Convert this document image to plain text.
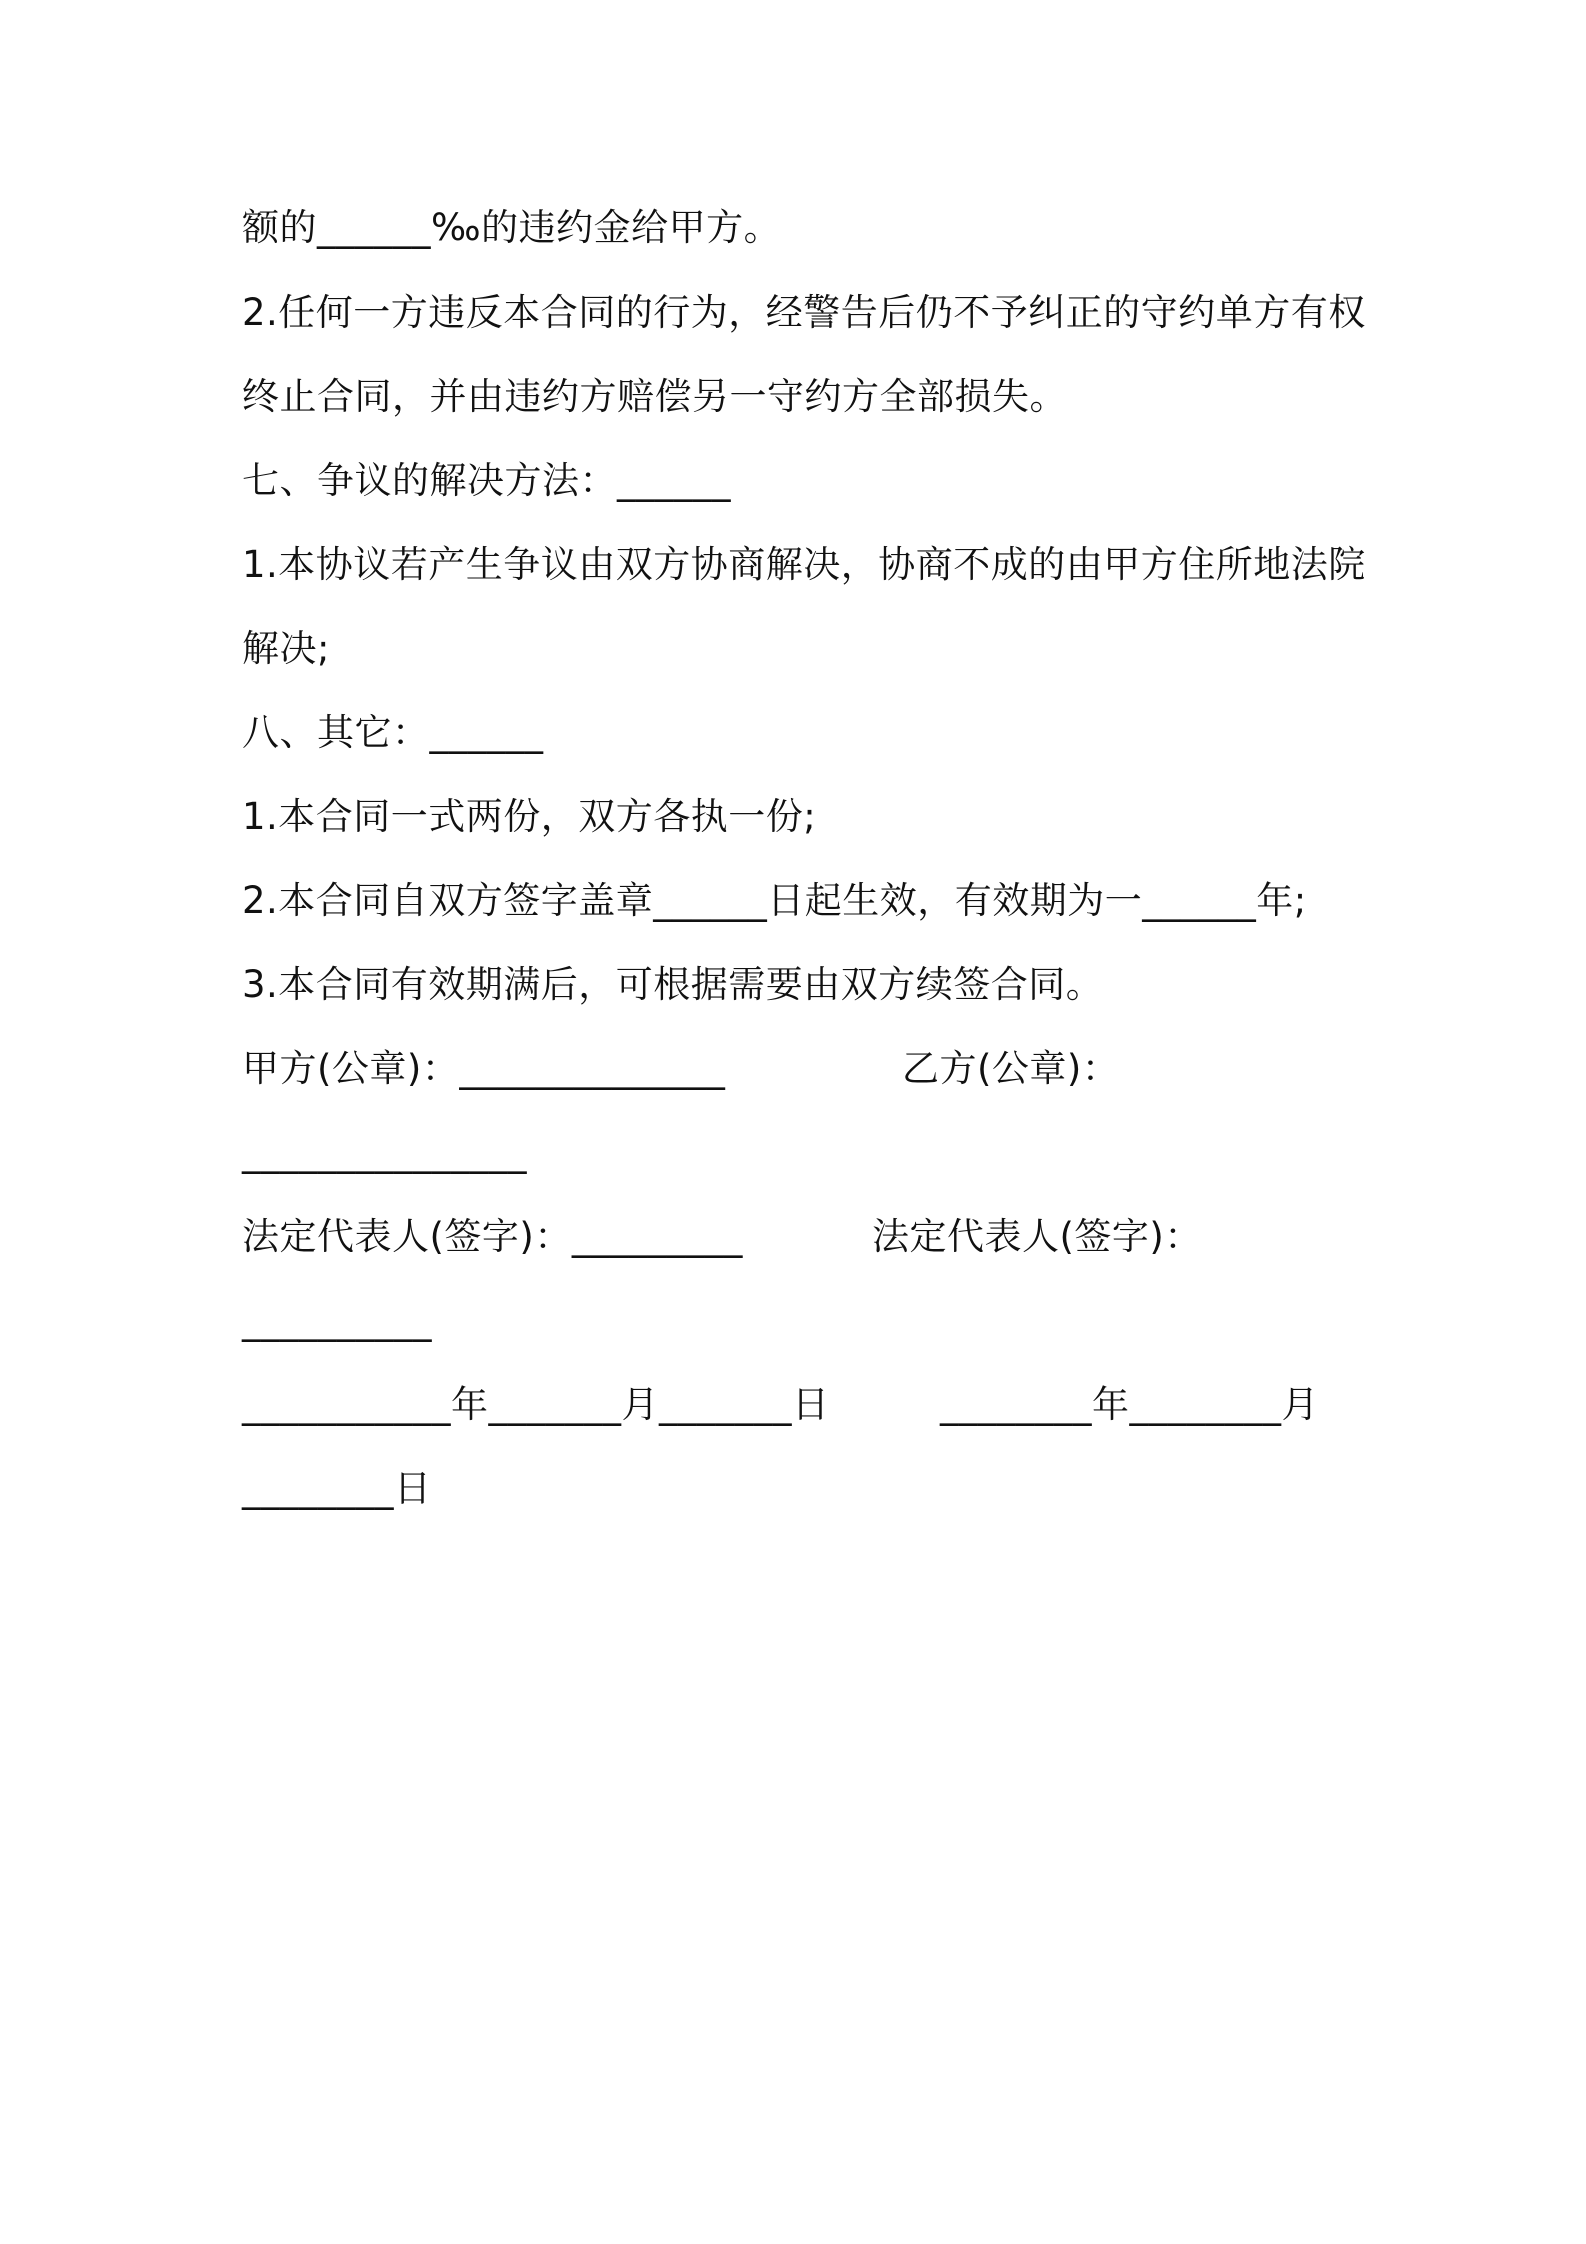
额的______‰的违约金给甲方。
2.任何一方违反本合同的行为，经警告后仍不予纠正的守约单方有权
终止合同，并由违约方赔偿另一守约方全部损失。
七、争议的解决方法：______
1.本协议若产生争议由双方协商解决，协商不成的由甲方住所地法院
解决;
八、其它：______
1.本合同一式两份，双方各执一份;
2.本合同自双方签字盖章______日起生效，有效期为一______年;
3.本合同有效期满后，可根据需要由双方续签合同。
甲方(公章)：______________	乙方(公章)：
_______________
法定代表人(签字)：_________	法定代表人(签字)：
__________
___________年_______月_______日	________年________月
________日
